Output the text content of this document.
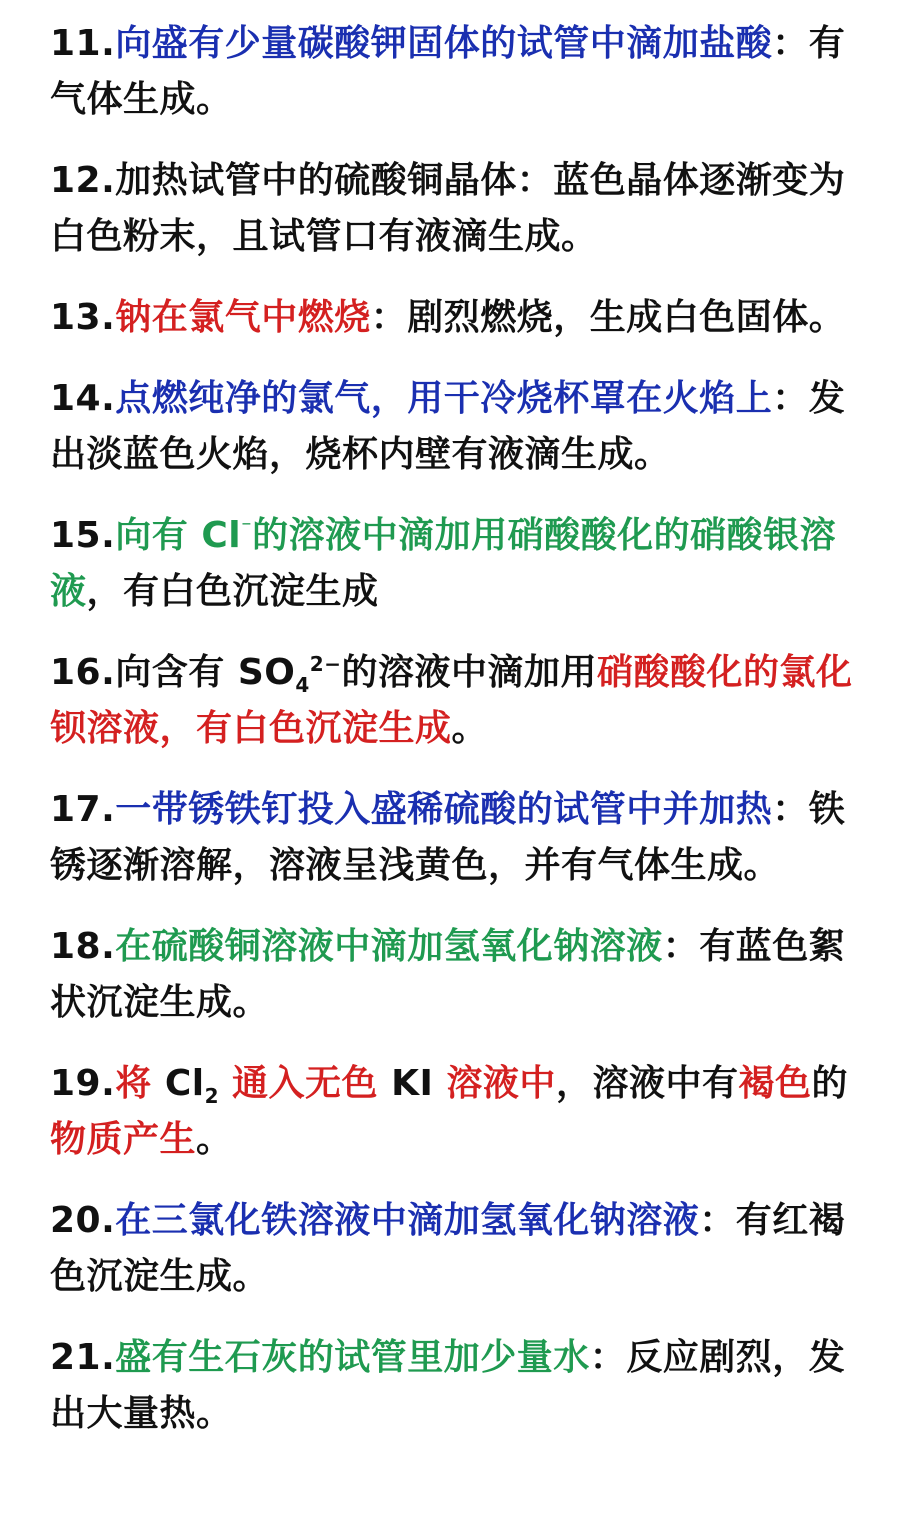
11.向盛有少量碳酸钾固体的试管中滴加盐酸：有气体生成。
12.加热试管中的硫酸铜晶体：蓝色晶体逐渐变为白色粉末，且试管口有液滴生成。
13.钠在氯气中燃烧：剧烈燃烧，生成白色固体。
14.点燃纯净的氯气，用干冷烧杯罩在火焰上：发出淡蓝色火焰，烧杯内壁有液滴生成。
15.向有 Cl⁻的溶液中滴加用硝酸酸化的硝酸银溶液，有白色沉淀生成
16.向含有 $SO_4^{2-}$的溶液中滴加用硝酸酸化的氯化钡溶液，有白色沉淀生成。
17.一带锈铁钉投入盛稀硫酸的试管中并加热：铁锈逐渐溶解，溶液呈浅黄色，并有气体生成。
18.在硫酸铜溶液中滴加氢氧化钠溶液：有蓝色絮状沉淀生成。
19.将 $Cl_2$ 通入无色 KI 溶液中，溶液中有褐色的物质产生。
20.在三氯化铁溶液中滴加氢氧化钠溶液：有红褐色沉淀生成。
21.盛有生石灰的试管里加少量水：反应剧烈，发出大量热。
